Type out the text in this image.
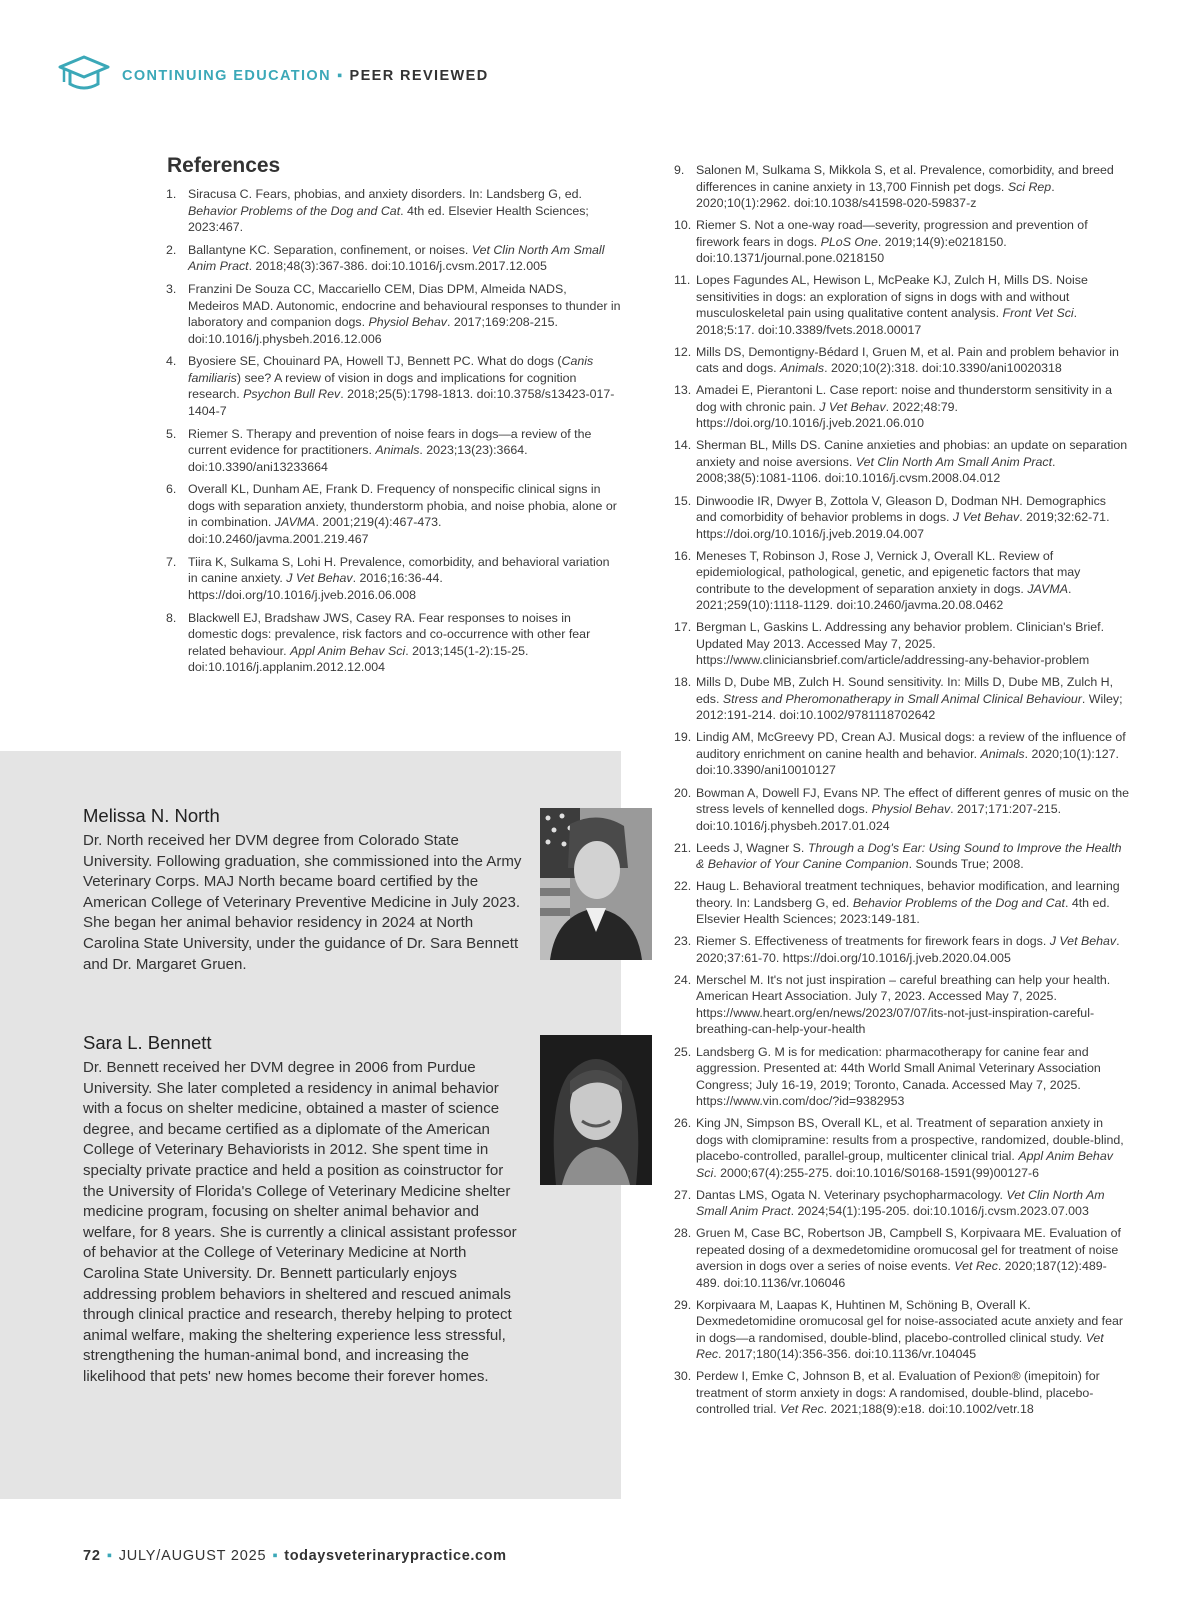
CONTINUING EDUCATION ▪ PEER REVIEWED
References
1. Siracusa C. Fears, phobias, and anxiety disorders. In: Landsberg G, ed. Behavior Problems of the Dog and Cat. 4th ed. Elsevier Health Sciences; 2023:467.
2. Ballantyne KC. Separation, confinement, or noises. Vet Clin North Am Small Anim Pract. 2018;48(3):367-386. doi:10.1016/j.cvsm.2017.12.005
3. Franzini De Souza CC, Maccariello CEM, Dias DPM, Almeida NADS, Medeiros MAD. Autonomic, endocrine and behavioural responses to thunder in laboratory and companion dogs. Physiol Behav. 2017;169:208-215. doi:10.1016/j.physbeh.2016.12.006
4. Byosiere SE, Chouinard PA, Howell TJ, Bennett PC. What do dogs (Canis familiaris) see? A review of vision in dogs and implications for cognition research. Psychon Bull Rev. 2018;25(5):1798-1813. doi:10.3758/s13423-017-1404-7
5. Riemer S. Therapy and prevention of noise fears in dogs—a review of the current evidence for practitioners. Animals. 2023;13(23):3664. doi:10.3390/ani13233664
6. Overall KL, Dunham AE, Frank D. Frequency of nonspecific clinical signs in dogs with separation anxiety, thunderstorm phobia, and noise phobia, alone or in combination. JAVMA. 2001;219(4):467-473. doi:10.2460/javma.2001.219.467
7. Tiira K, Sulkama S, Lohi H. Prevalence, comorbidity, and behavioral variation in canine anxiety. J Vet Behav. 2016;16:36-44. https://doi.org/10.1016/j.jveb.2016.06.008
8. Blackwell EJ, Bradshaw JWS, Casey RA. Fear responses to noises in domestic dogs: prevalence, risk factors and co-occurrence with other fear related behaviour. Appl Anim Behav Sci. 2013;145(1-2):15-25. doi:10.1016/j.applanim.2012.12.004
9. Salonen M, Sulkama S, Mikkola S, et al. Prevalence, comorbidity, and breed differences in canine anxiety in 13,700 Finnish pet dogs. Sci Rep. 2020;10(1):2962. doi:10.1038/s41598-020-59837-z
10. Riemer S. Not a one-way road—severity, progression and prevention of firework fears in dogs. PLoS One. 2019;14(9):e0218150. doi:10.1371/journal.pone.0218150
11. Lopes Fagundes AL, Hewison L, McPeake KJ, Zulch H, Mills DS. Noise sensitivities in dogs: an exploration of signs in dogs with and without musculoskeletal pain using qualitative content analysis. Front Vet Sci. 2018;5:17. doi:10.3389/fvets.2018.00017
12. Mills DS, Demontigny-Bédard I, Gruen M, et al. Pain and problem behavior in cats and dogs. Animals. 2020;10(2):318. doi:10.3390/ani10020318
13. Amadei E, Pierantoni L. Case report: noise and thunderstorm sensitivity in a dog with chronic pain. J Vet Behav. 2022;48:79. https://doi.org/10.1016/j.jveb.2021.06.010
14. Sherman BL, Mills DS. Canine anxieties and phobias: an update on separation anxiety and noise aversions. Vet Clin North Am Small Anim Pract. 2008;38(5):1081-1106. doi:10.1016/j.cvsm.2008.04.012
15. Dinwoodie IR, Dwyer B, Zottola V, Gleason D, Dodman NH. Demographics and comorbidity of behavior problems in dogs. J Vet Behav. 2019;32:62-71. https://doi.org/10.1016/j.jveb.2019.04.007
16. Meneses T, Robinson J, Rose J, Vernick J, Overall KL. Review of epidemiological, pathological, genetic, and epigenetic factors that may contribute to the development of separation anxiety in dogs. JAVMA. 2021;259(10):1118-1129. doi:10.2460/javma.20.08.0462
17. Bergman L, Gaskins L. Addressing any behavior problem. Clinician's Brief. Updated May 2013. Accessed May 7, 2025. https://www.cliniciansbrief.com/article/addressing-any-behavior-problem
18. Mills D, Dube MB, Zulch H. Sound sensitivity. In: Mills D, Dube MB, Zulch H, eds. Stress and Pheromonatherapy in Small Animal Clinical Behaviour. Wiley; 2012:191-214. doi:10.1002/9781118702642
19. Lindig AM, McGreevy PD, Crean AJ. Musical dogs: a review of the influence of auditory enrichment on canine health and behavior. Animals. 2020;10(1):127. doi:10.3390/ani10010127
20. Bowman A, Dowell FJ, Evans NP. The effect of different genres of music on the stress levels of kennelled dogs. Physiol Behav. 2017;171:207-215. doi:10.1016/j.physbeh.2017.01.024
21. Leeds J, Wagner S. Through a Dog's Ear: Using Sound to Improve the Health & Behavior of Your Canine Companion. Sounds True; 2008.
22. Haug L. Behavioral treatment techniques, behavior modification, and learning theory. In: Landsberg G, ed. Behavior Problems of the Dog and Cat. 4th ed. Elsevier Health Sciences; 2023:149-181.
23. Riemer S. Effectiveness of treatments for firework fears in dogs. J Vet Behav. 2020;37:61-70. https://doi.org/10.1016/j.jveb.2020.04.005
24. Merschel M. It's not just inspiration – careful breathing can help your health. American Heart Association. July 7, 2023. Accessed May 7, 2025. https://www.heart.org/en/news/2023/07/07/its-not-just-inspiration-careful-breathing-can-help-your-health
25. Landsberg G. M is for medication: pharmacotherapy for canine fear and aggression. Presented at: 44th World Small Animal Veterinary Association Congress; July 16-19, 2019; Toronto, Canada. Accessed May 7, 2025. https://www.vin.com/doc/?id=9382953
26. King JN, Simpson BS, Overall KL, et al. Treatment of separation anxiety in dogs with clomipramine: results from a prospective, randomized, double-blind, placebo-controlled, parallel-group, multicenter clinical trial. Appl Anim Behav Sci. 2000;67(4):255-275. doi:10.1016/S0168-1591(99)00127-6
27. Dantas LMS, Ogata N. Veterinary psychopharmacology. Vet Clin North Am Small Anim Pract. 2024;54(1):195-205. doi:10.1016/j.cvsm.2023.07.003
28. Gruen M, Case BC, Robertson JB, Campbell S, Korpivaara ME. Evaluation of repeated dosing of a dexmedetomidine oromucosal gel for treatment of noise aversion in dogs over a series of noise events. Vet Rec. 2020;187(12):489-489. doi:10.1136/vr.106046
29. Korpivaara M, Laapas K, Huhtinen M, Schöning B, Overall K. Dexmedetomidine oromucosal gel for noise-associated acute anxiety and fear in dogs—a randomised, double-blind, placebo-controlled clinical study. Vet Rec. 2017;180(14):356-356. doi:10.1136/vr.104045
30. Perdew I, Emke C, Johnson B, et al. Evaluation of Pexion® (imepitoin) for treatment of storm anxiety in dogs: A randomised, double-blind, placebo-controlled trial. Vet Rec. 2021;188(9):e18. doi:10.1002/vetr.18
Melissa N. North

Dr. North received her DVM degree from Colorado State University. Following graduation, she commissioned into the Army Veterinary Corps. MAJ North became board certified by the American College of Veterinary Preventive Medicine in July 2023. She began her animal behavior residency in 2024 at North Carolina State University, under the guidance of Dr. Sara Bennett and Dr. Margaret Gruen.

Sara L. Bennett

Dr. Bennett received her DVM degree in 2006 from Purdue University. She later completed a residency in animal behavior with a focus on shelter medicine, obtained a master of science degree, and became certified as a diplomate of the American College of Veterinary Behaviorists in 2012. She spent time in specialty private practice and held a position as coinstructor for the University of Florida's College of Veterinary Medicine shelter medicine program, focusing on shelter animal behavior and welfare, for 8 years. She is currently a clinical assistant professor of behavior at the College of Veterinary Medicine at North Carolina State University. Dr. Bennett particularly enjoys addressing problem behaviors in sheltered and rescued animals through clinical practice and research, thereby helping to protect animal welfare, making the sheltering experience less stressful, strengthening the human-animal bond, and increasing the likelihood that pets' new homes become their forever homes.

72 ▪ JULY/AUGUST 2025 ▪ todaysveterinarypractice.com
